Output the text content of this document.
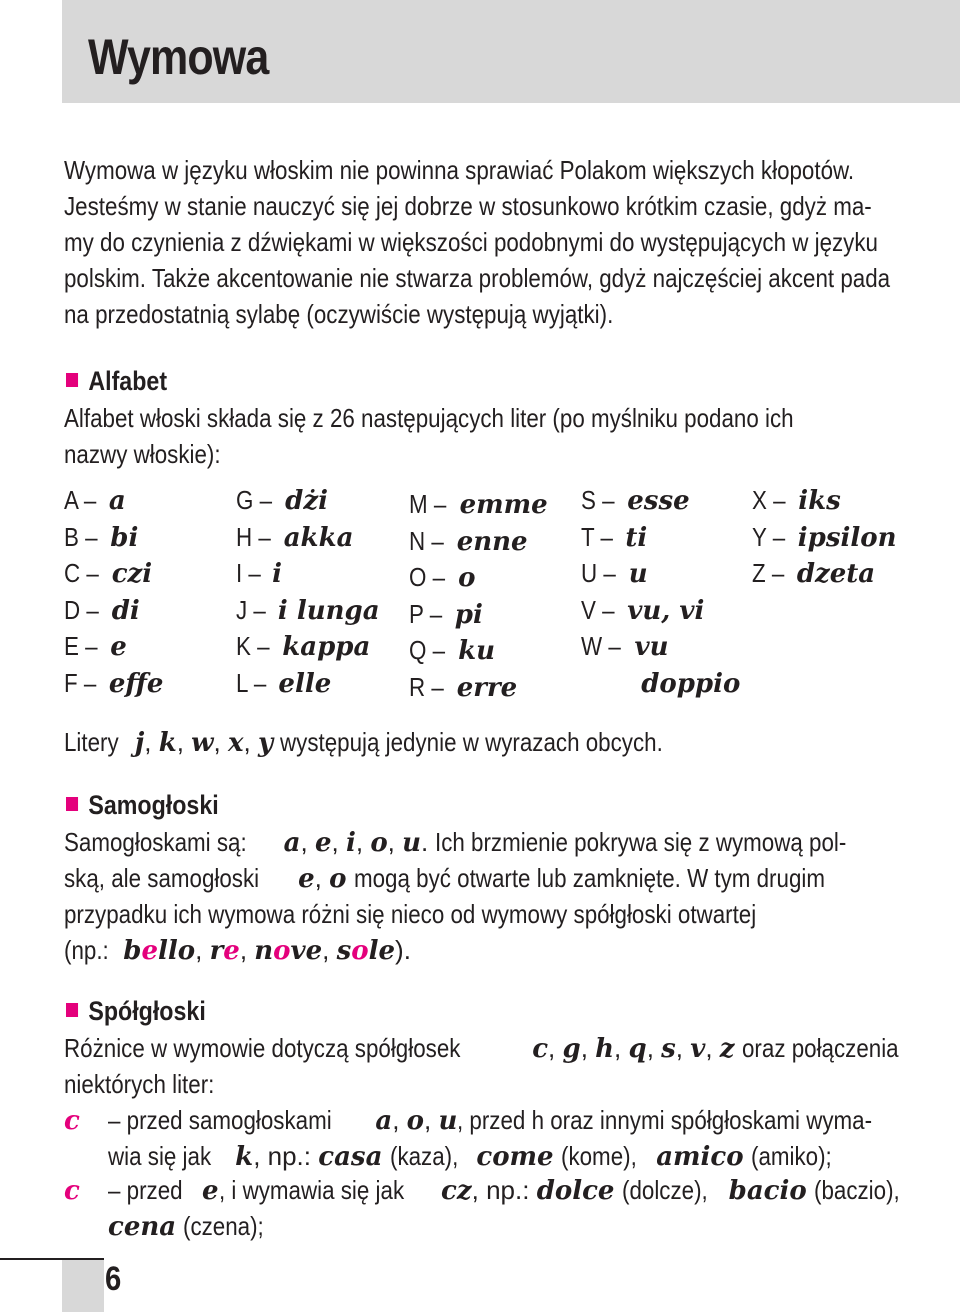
Wymowa

Wymowa w języku włoskim nie powinna sprawiać Polakom większych kłopotów.

Jesteśmy w stanie nauczyć się jej dobrze w stosunkowo krótkim czasie, gdyż ma-

my do czynienia z dźwiękami w większości podobnymi do występujących w języku

polskim. Także akcentowanie nie stwarza problemów, gdyż najczęściej akcent pada

na przedostatnią sylabę (oczywiście występują wyjątki).

Alfabet

Alfabet włoski składa się z 26 następujących liter (po myślniku podano ich

nazwy włoskie):

A – a
B – bi
C – czi
D – di
E – e
F – effe
G – dżi
H – akka
I – i
J – i lunga
K – kappa
L – elle
M – emme
N – enne
O – o
P – pi
Q – ku
R – erre
S – esse
T – ti
U – u
V – vu, vi
W – vu
doppio
X – iks
Y – ipsilon
Z – dzeta

Litery j, k, w, x, y występują jedynie w wyrazach obcych.

Samogłoski

Samogłoskami są: a, e, i, o, u. Ich brzmienie pokrywa się z wymową pol-

ską, ale samogłoski e, o mogą być otwarte lub zamknięte. W tym drugim

przypadku ich wymowa różni się nieco od wymowy spółgłoski otwartej

(np.: bello, re, nove, sole).

Spółgłoski

Różnice w wymowie dotyczą spółgłosek	c, g, h, q, s, v, z oraz połączenia

niektórych liter:

c – przed samogłoskami a, o, u, przed h oraz innymi spółgłoskami wyma-
wia się jak k, np.: casa (kaza), come (kome), amico (amiko);
c – przed e, i wymawia się jak cz, np.: dolce (dolcze), bacio (baczio),
cena (czena);
6
